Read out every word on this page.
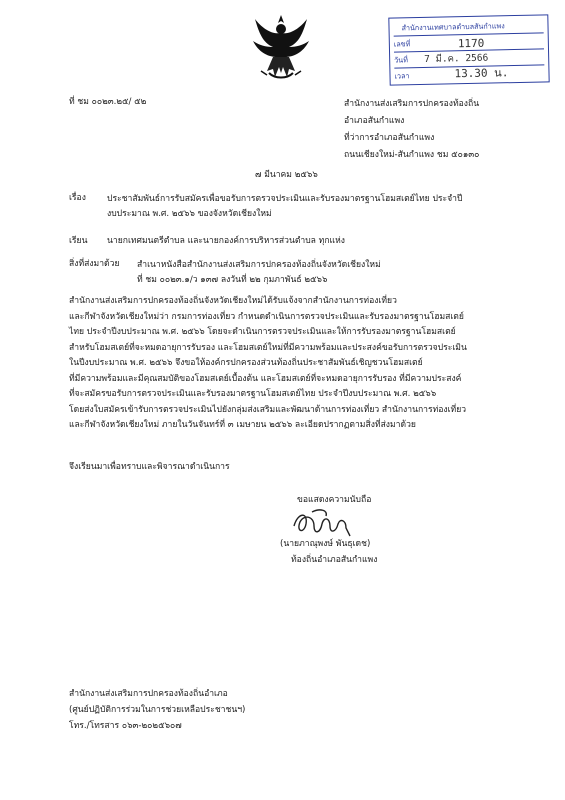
สำนักงานเทศบาลตำบลสันกำแพง
เลขที่	1170
วันที่ 7 มี.ค. 2566
เวลา	13.30 น.
ที่ ชม ๐๐๒๓.๒๕/ ๕๒	สำนักงานส่งเสริมการปกครองท้องถิ่น
อำเภอสันกำแพง
ที่ว่าการอำเภอสันกำแพง
ถนนเชียงใหม่-สันกำแพง ชม ๕๐๑๓๐
๗ มีนาคม ๒๕๖๖
เรื่อง ประชาสัมพันธ์การรับสมัครเพื่อขอรับการตรวจประเมินและรับรองมาตรฐานโฮมสเตย์ไทย ประจำปี
งบประมาณ พ.ศ. ๒๕๖๖ ของจังหวัดเชียงใหม่
เรียน นายกเทศมนตรีตำบล และนายกองค์การบริหารส่วนตำบล ทุกแห่ง
สิ่งที่ส่งมาด้วย สำเนาหนังสือสำนักงานส่งเสริมการปกครองท้องถิ่นจังหวัดเชียงใหม่
ที่ ชม ๐๐๒๓.๑/ว ๑๓๗ ลงวันที่ ๒๒ กุมภาพันธ์ ๒๕๖๖
สำนักงานส่งเสริมการปกครองท้องถิ่นจังหวัดเชียงใหม่ได้รับแจ้งจากสำนักงานการท่องเที่ยว
และกีฬาจังหวัดเชียงใหม่ว่า กรมการท่องเที่ยว กำหนดดำเนินการตรวจประเมินและรับรองมาตรฐานโฮมสเตย์
ไทย ประจำปีงบประมาณ พ.ศ. ๒๕๖๖ โดยจะดำเนินการตรวจประเมินและให้การรับรองมาตรฐานโฮมสเตย์
สำหรับโฮมสเตย์ที่จะหมดอายุการรับรอง และโฮมสเตย์ใหม่ที่มีความพร้อมและประสงค์ขอรับการตรวจประเมิน
ในปีงบประมาณ พ.ศ. ๒๕๖๖ จึงขอให้องค์กรปกครองส่วนท้องถิ่นประชาสัมพันธ์เชิญชวนโฮมสเตย์
ที่มีความพร้อมและมีคุณสมบัติของโฮมสเตย์เบื้องต้น และโฮมสเตย์ที่จะหมดอายุการรับรอง ที่มีความประสงค์
ที่จะสมัครขอรับการตรวจประเมินและรับรองมาตรฐานโฮมสเตย์ไทย ประจำปีงบประมาณ พ.ศ. ๒๕๖๖
โดยส่งใบสมัครเข้ารับการตรวจประเมินไปยังกลุ่มส่งเสริมและพัฒนาด้านการท่องเที่ยว สำนักงานการท่องเที่ยว
และกีฬาจังหวัดเชียงใหม่ ภายในวันจันทร์ที่ ๓ เมษายน ๒๕๖๖ ละเอียดปรากฏตามสิ่งที่ส่งมาด้วย
จึงเรียนมาเพื่อทราบและพิจารณาดำเนินการ
ขอแสดงความนับถือ
(นายภาณุพงษ์ พันธุเดช)
ท้องถิ่นอำเภอสันกำแพง
สำนักงานส่งเสริมการปกครองท้องถิ่นอำเภอ
(ศูนย์ปฏิบัติการร่วมในการช่วยเหลือประชาชนฯ)
โทร./โทรสาร ๐๖๓-๒๐๒๕๖๐๗
